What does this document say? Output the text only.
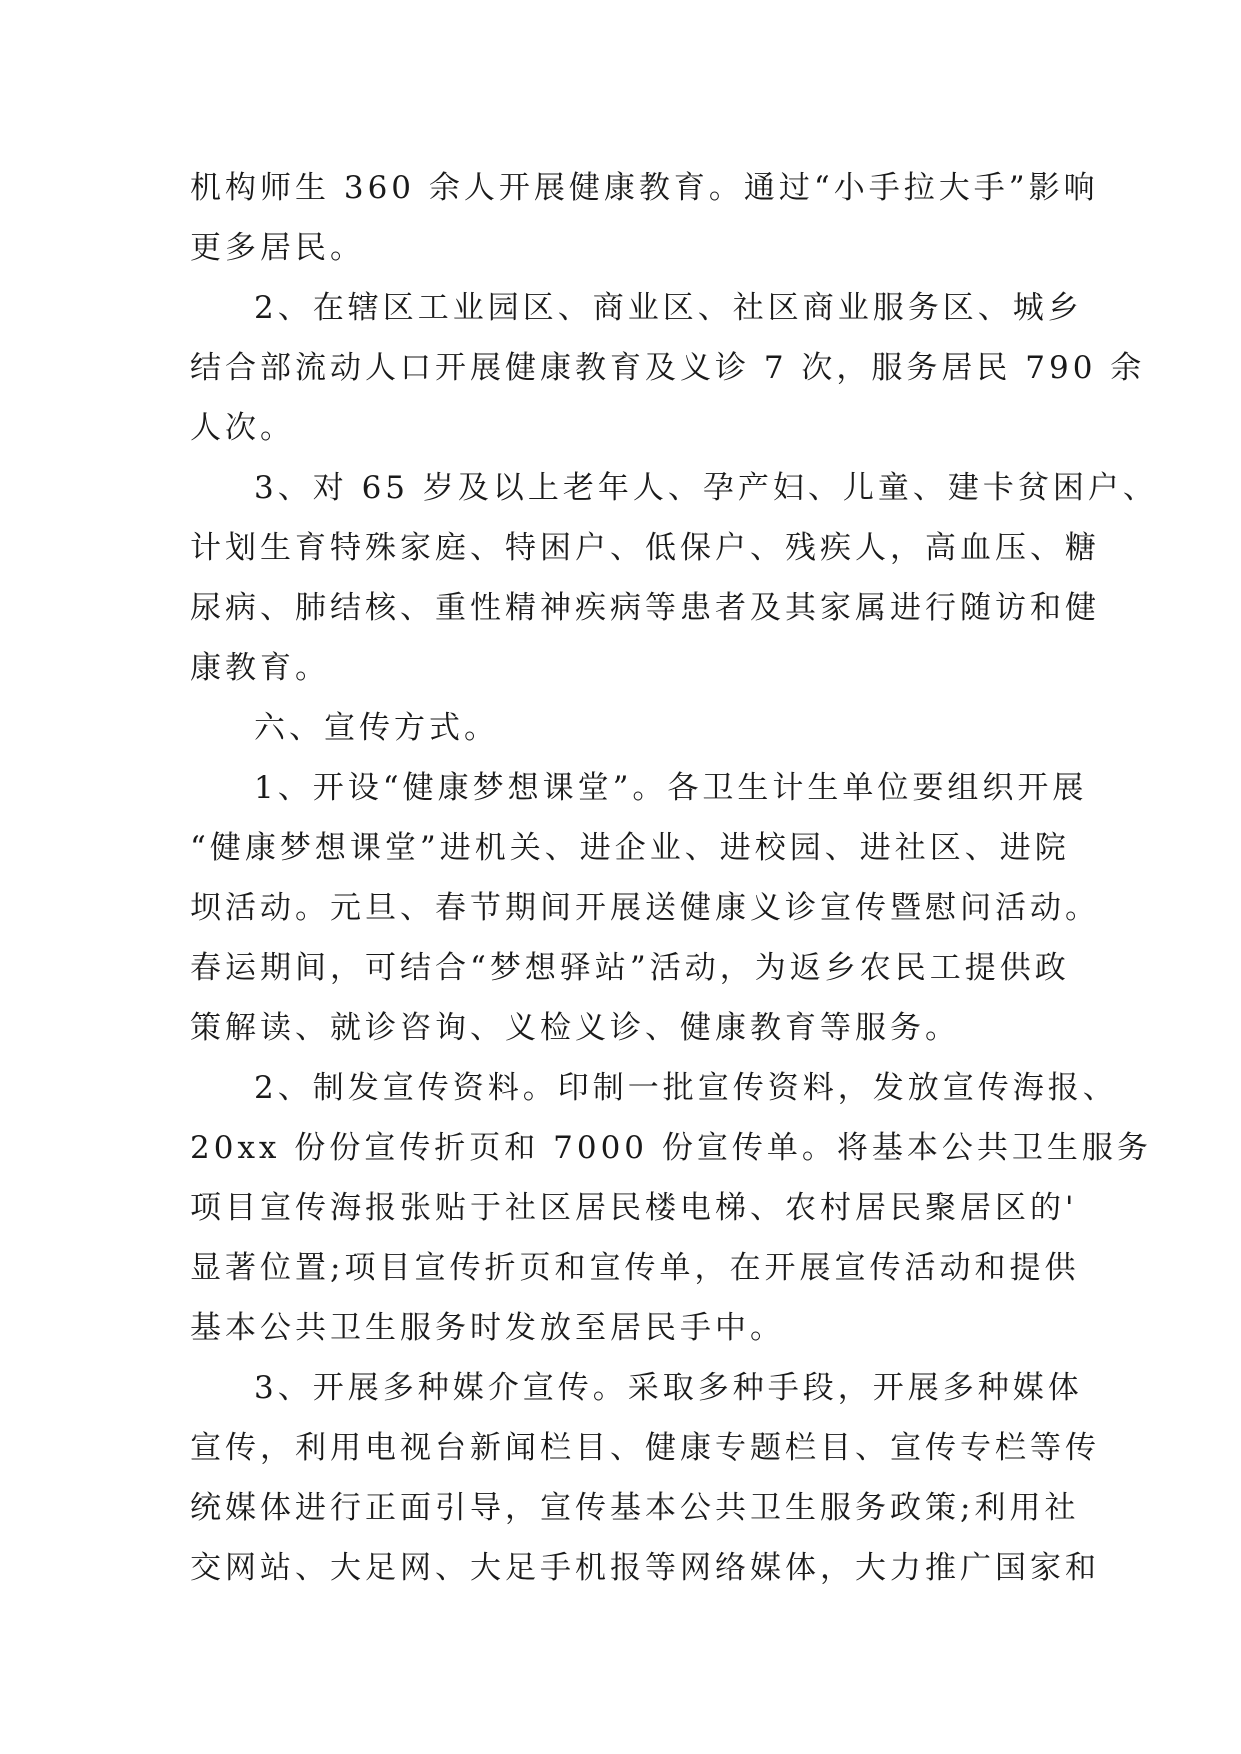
机构师生 360 余人开展健康教育。通过“小手拉大手”影响
更多居民。
2、在辖区工业园区、商业区、社区商业服务区、城乡
结合部流动人口开展健康教育及义诊 7 次，服务居民 790 余
人次。
3、对 65 岁及以上老年人、孕产妇、儿童、建卡贫困户、
计划生育特殊家庭、特困户、低保户、残疾人，高血压、糖
尿病、肺结核、重性精神疾病等患者及其家属进行随访和健
康教育。
六、宣传方式。
1、开设“健康梦想课堂”。各卫生计生单位要组织开展
“健康梦想课堂”进机关、进企业、进校园、进社区、进院
坝活动。元旦、春节期间开展送健康义诊宣传暨慰问活动。
春运期间，可结合“梦想驿站”活动，为返乡农民工提供政
策解读、就诊咨询、义检义诊、健康教育等服务。
2、制发宣传资料。印制一批宣传资料，发放宣传海报、
20xx 份份宣传折页和 7000 份宣传单。将基本公共卫生服务
项目宣传海报张贴于社区居民楼电梯、农村居民聚居区的'
显著位置;项目宣传折页和宣传单，在开展宣传活动和提供
基本公共卫生服务时发放至居民手中。
3、开展多种媒介宣传。采取多种手段，开展多种媒体
宣传，利用电视台新闻栏目、健康专题栏目、宣传专栏等传
统媒体进行正面引导，宣传基本公共卫生服务政策;利用社
交网站、大足网、大足手机报等网络媒体，大力推广国家和
